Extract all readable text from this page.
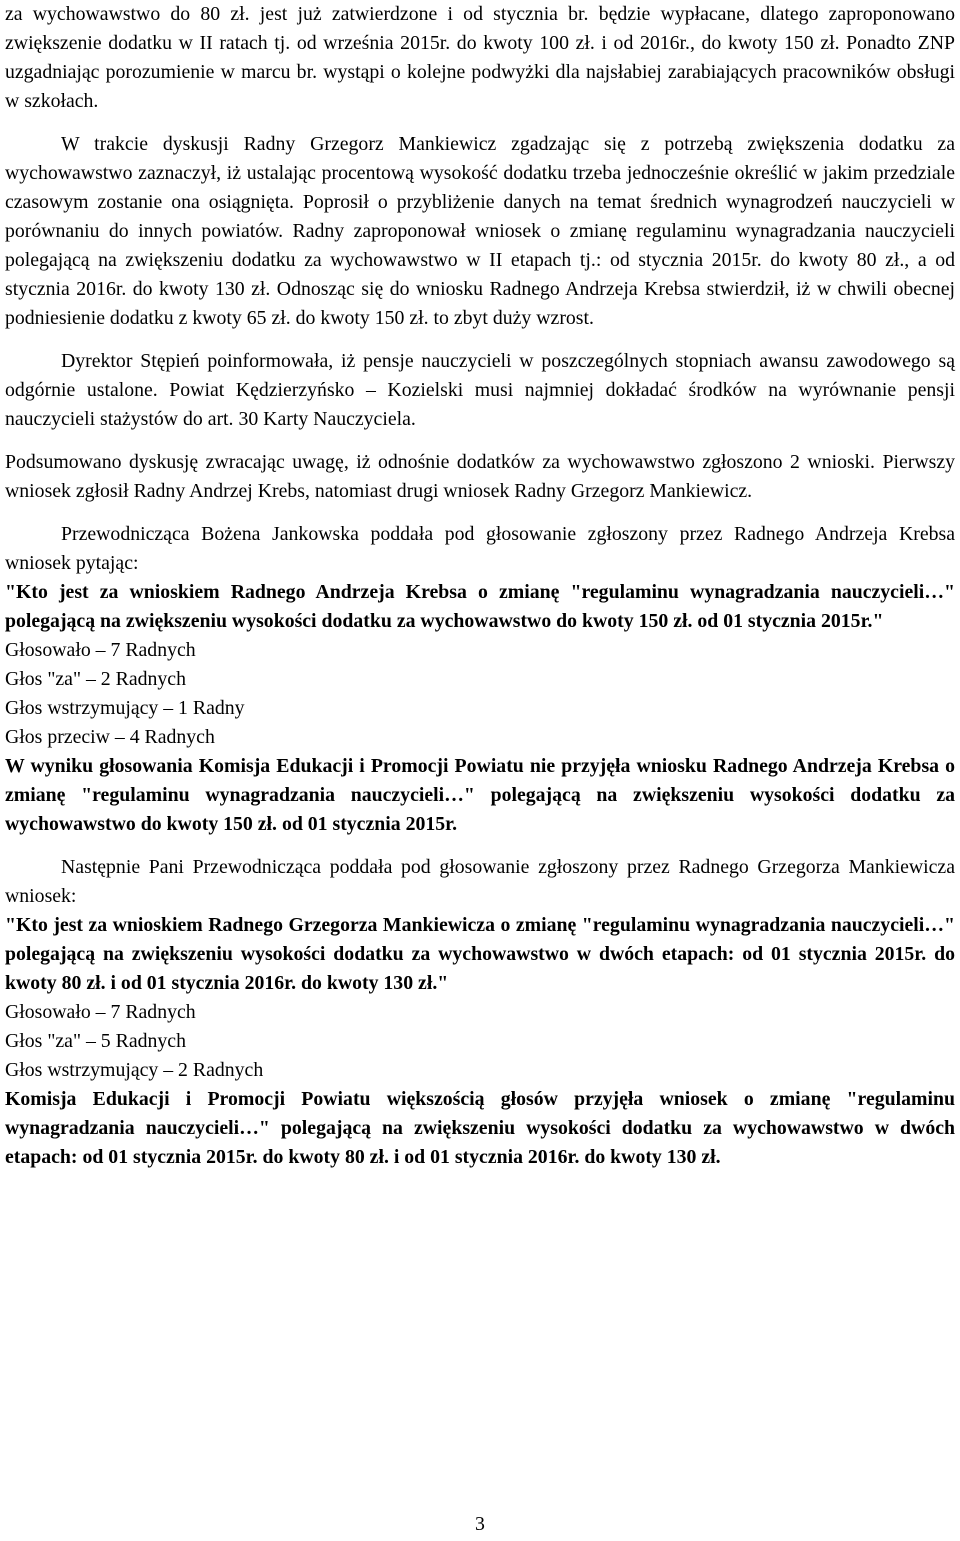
za wychowawstwo do 80 zł. jest już zatwierdzone i od stycznia br. będzie wypłacane, dlatego zaproponowano zwiększenie dodatku w II ratach tj. od września 2015r. do kwoty 100 zł. i od 2016r., do kwoty 150 zł. Ponadto ZNP uzgadniając porozumienie w marcu br. wystąpi o kolejne podwyżki dla najsłabiej zarabiających pracowników obsługi w szkołach.

W trakcie dyskusji Radny Grzegorz Mankiewicz zgadzając się z potrzebą zwiększenia dodatku za wychowawstwo zaznaczył, iż ustalając procentową wysokość dodatku trzeba jednocześnie określić w jakim przedziale czasowym zostanie ona osiągnięta. Poprosił o przybliżenie danych na temat średnich wynagrodzeń nauczycieli w porównaniu do innych powiatów. Radny zaproponował wniosek o zmianę regulaminu wynagradzania nauczycieli polegającą na zwiększeniu dodatku za wychowawstwo w II etapach tj.: od stycznia 2015r. do kwoty 80 zł., a od stycznia 2016r. do kwoty 130 zł. Odnosząc się do wniosku Radnego Andrzeja Krebsa stwierdził, iż w chwili obecnej podniesienie dodatku z kwoty 65 zł. do kwoty 150 zł. to zbyt duży wzrost.

Dyrektor Stępień poinformowała, iż pensje nauczycieli w poszczególnych stopniach awansu zawodowego są odgórnie ustalone. Powiat Kędzierzyńsko – Kozielski musi najmniej dokładać środków na wyrównanie pensji nauczycieli stażystów do art. 30 Karty Nauczyciela.

Podsumowano dyskusję zwracając uwagę, iż odnośnie dodatków za wychowawstwo zgłoszono 2 wnioski. Pierwszy wniosek zgłosił Radny Andrzej Krebs, natomiast drugi wniosek Radny Grzegorz Mankiewicz.

Przewodnicząca Bożena Jankowska poddała pod głosowanie zgłoszony przez Radnego Andrzeja Krebsa wniosek pytając:

"Kto jest za wnioskiem Radnego Andrzeja Krebsa o zmianę "regulaminu wynagradzania nauczycieli…" polegającą na zwiększeniu wysokości dodatku za wychowawstwo do kwoty 150 zł. od 01 stycznia 2015r."

Głosowało – 7 Radnych

Głos "za" – 2 Radnych

Głos wstrzymujący – 1 Radny

Głos przeciw – 4 Radnych

W wyniku głosowania Komisja Edukacji i Promocji Powiatu nie przyjęła wniosku Radnego Andrzeja Krebsa o zmianę "regulaminu wynagradzania nauczycieli…" polegającą na zwiększeniu wysokości dodatku za wychowawstwo do kwoty 150 zł. od 01 stycznia 2015r.

Następnie Pani Przewodnicząca poddała pod głosowanie zgłoszony przez Radnego Grzegorza Mankiewicza wniosek:

"Kto jest za wnioskiem Radnego Grzegorza Mankiewicza o zmianę "regulaminu wynagradzania nauczycieli…" polegającą na zwiększeniu wysokości dodatku za wychowawstwo w dwóch etapach: od 01 stycznia 2015r. do kwoty 80 zł. i od 01 stycznia 2016r. do kwoty 130 zł."

Głosowało – 7 Radnych

Głos "za" – 5 Radnych

Głos wstrzymujący – 2 Radnych

Komisja Edukacji i Promocji Powiatu większością głosów przyjęła wniosek o zmianę "regulaminu wynagradzania nauczycieli…" polegającą na zwiększeniu wysokości dodatku za wychowawstwo w dwóch etapach: od 01 stycznia 2015r. do kwoty 80 zł. i od 01 stycznia 2016r. do kwoty 130 zł.

3
